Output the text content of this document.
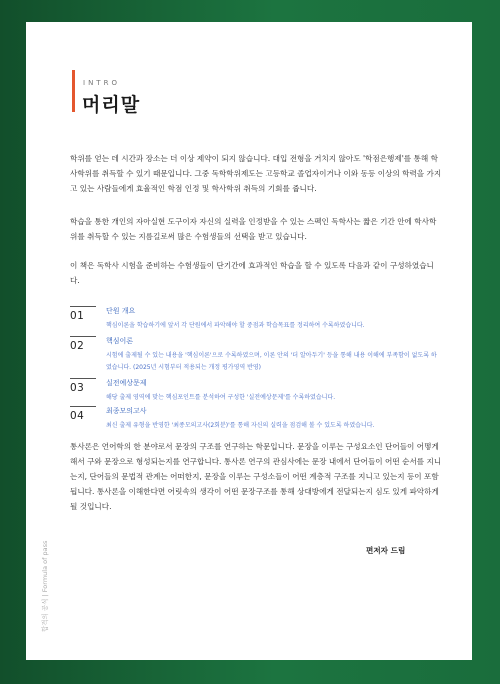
INTRO
머리말
학위를 얻는 데 시간과 장소는 더 이상 제약이 되지 않습니다. 대입 전형을 거치지 않아도 '학점은행제'를 통해 학사학위를 취득할 수 있기 때문입니다. 그중 독학학위제도는 고등학교 졸업자이거나 이와 동등 이상의 학력을 가지고 있는 사람들에게 효율적인 학점 인정 및 학사학위 취득의 기회를 줍니다.
학습을 통한 개인의 자아실현 도구이자 자신의 실력을 인정받을 수 있는 스펙인 독학사는 짧은 기간 안에 학사학위를 취득할 수 있는 지름길로써 많은 수험생들의 선택을 받고 있습니다.
이 책은 독학사 시험을 준비하는 수험생들이 단기간에 효과적인 학습을 할 수 있도록 다음과 같이 구성하였습니다.
01	단원 개요
핵심이론을 학습하기에 앞서 각 단원에서 파악해야 할 중점과 학습목표를 정리하여 수록하였습니다.
02	핵심이론
시험에 출제될 수 있는 내용을 '핵심이론'으로 수록하였으며, 이론 안의 '더 알아두기' 등을 통해 내용 이해에 부족함이 없도록 하였습니다. (2025년 시험부터 적용되는 개정 평가영역 반영)
03	실전예상문제
해당 출제 영역에 맞는 핵심포인트를 분석하여 구성한 '실전예상문제'를 수록하였습니다.
04	최종모의고사
최신 출제 유형을 반영한 '최종모의고사(2회분)'를 통해 자신의 실력을 점검해 볼 수 있도록 하였습니다.
통사론은 언어학의 한 분야로서 문장의 구조를 연구하는 학문입니다. 문장을 이루는 구성요소인 단어들이 어떻게 해서 구와 문장으로 형성되는지를 연구합니다. 통사론 연구의 관심사에는 문장 내에서 단어들이 어떤 순서를 지니는지, 단어들의 문법적 관계는 어떠한지, 문장을 이루는 구성소들이 어떤 계층적 구조를 지니고 있는지 등이 포함됩니다. 통사론을 이해한다면 어릿속의 생각이 어떤 문장구조를 통해 상대방에게 전달되는지 심도 있게 파악하게 될 것입니다.
편저자 드림
합격의 공식 | Formula of pass
